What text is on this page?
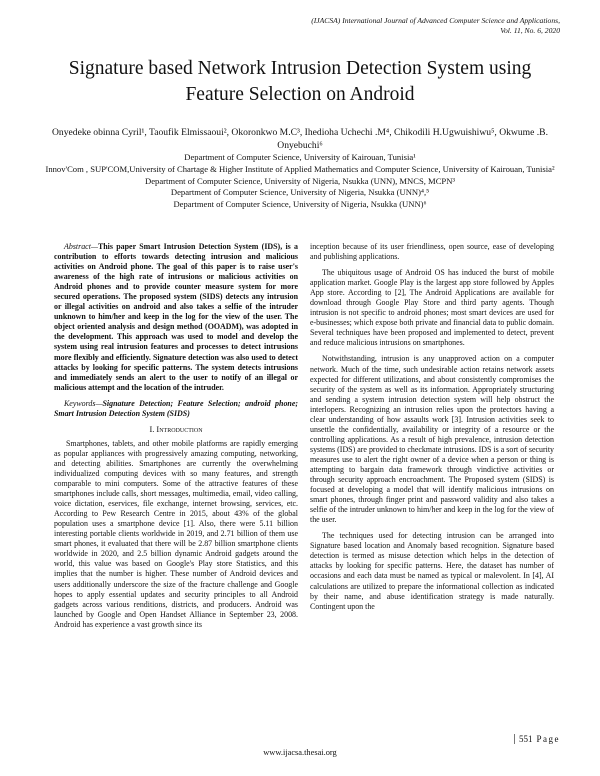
(IJACSA) International Journal of Advanced Computer Science and Applications,
Vol. 11, No. 6, 2020
Signature based Network Intrusion Detection System using Feature Selection on Android
Onyedeke obinna Cyril¹, Taoufik Elmissaoui², Okoronkwo M.C³, Ihedioha Uchechi .M⁴, Chikodili H.Ugwuishiwu⁵, Okwume .B. Onyebuchi⁶
Department of Computer Science, University of Kairouan, Tunisia¹
Innov'Com , SUP'COM,University of Chartage & Higher Institute of Applied Mathematics and Computer Science, University of Kairouan, Tunisia²
Department of Computer Science, University of Nigeria, Nsukka (UNN), MNCS, MCPN³
Department of Computer Science, University of Nigeria, Nsukka (UNN)⁴,⁵
Department of Computer Science, University of Nigeria, Nsukka (UNN)⁶

Abstract—This paper Smart Intrusion Detection System (IDS), is a contribution to efforts towards detecting intrusion and malicious activities on Android phone. The goal of this paper is to raise user's awareness of the high rate of intrusions or malicious activities on Android phones and to provide counter measure system for more secured operations. The proposed system (SIDS) detects any intrusion or illegal activities on android and also takes a selfie of the intruder unknown to him/her and keep in the log for the view of the user. The object oriented analysis and design method (OOADM), was adopted in the development. This approach was used to model and develop the system using real intrusion features and processes to detect intrusions more flexibly and efficiently. Signature detection was also used to detect attacks by looking for specific patterns. The system detects intrusions and immediately sends an alert to the user to notify of an illegal or malicious attempt and the location of the intruder.

Keywords—Signature Detection; Feature Selection; android phone; Smart Intrusion Detection System (SIDS)

I. Introduction

Smartphones, tablets, and other mobile platforms are rapidly emerging as popular appliances with progressively amazing computing, networking, and detecting abilities. Smartphones are currently the overwhelming individualized computing devices with so many features, and strength comparable to mini computers. Some of the attractive features of these smartphones include calls, short messages, multimedia, email, video calling, voice dictation, eservices, file exchange, internet browsing, services, etc. According to Pew Research Centre in 2015, about 43% of the global population uses a smartphone device [1]. Also, there were 5.11 billion interesting portable clients worldwide in 2019, and 2.71 billion of them use smart phones, it evaluated that there will be 2.87 billion smartphone clients worldwide in 2020, and 2.5 billion dynamic Android gadgets around the world, this value was based on Google's Play store Statistics, and this implies that the number is higher. These number of Android devices and users additionally underscore the size of the fracture challenge and Google hopes to apply essential updates and security principles to all Android gadgets across various renditions, districts, and producers. Android was launched by Google and Open Handset Alliance in September 23, 2008. Android has experience a vast growth since its

inception because of its user friendliness, open source, ease of developing and publishing applications.

The ubiquitous usage of Android OS has induced the burst of mobile application market. Google Play is the largest app store followed by Apples App store. According to [2], The Android Applications are available for download through Google Play Store and third party agents. Though intrusion is not specific to android phones; most smart devices are used for e-businesses; which expose both private and financial data to public domain. Several techniques have been proposed and implemented to detect, prevent and reduce malicious intrusions on smartphones.

Notwithstanding, intrusion is any unapproved action on a computer network. Much of the time, such undesirable action retains network assets expected for different utilizations, and about consistently compromises the security of the system as well as its information. Appropriately structuring and sending a system intrusion detection system will help obstruct the interlopers. Recognizing an intrusion relies upon the protectors having a clear understanding of how assaults work [3]. Intrusion activities seek to unsettle the confidentially, availability or integrity of a resource or the controlling applications. As a result of high prevalence, intrusion detection systems (IDS) are provided to checkmate intrusions. IDS is a sort of security measures use to alert the right owner of a device when a person or thing is attempting to bargain data framework through vindictive activities or through security approach encroachment. The Proposed system (SIDS) is focused at developing a model that will identify malicious intrusions on smart phones, through finger print and password validity and also takes a selfie of the intruder unknown to him/her and keep in the log for the view of the user.

The techniques used for detecting intrusion can be arranged into Signature based location and Anomaly based recognition. Signature based detection is termed as misuse detection which helps in the detection of attacks by looking for specific patterns. Here, the dataset has number of occasions and each data must be named as typical or malevolent. In [4], AI calculations are utilized to prepare the informational collection as indicated by their name, and abuse identification strategy is made naturally. Contingent upon the

551 Page
www.ijacsa.thesai.org
